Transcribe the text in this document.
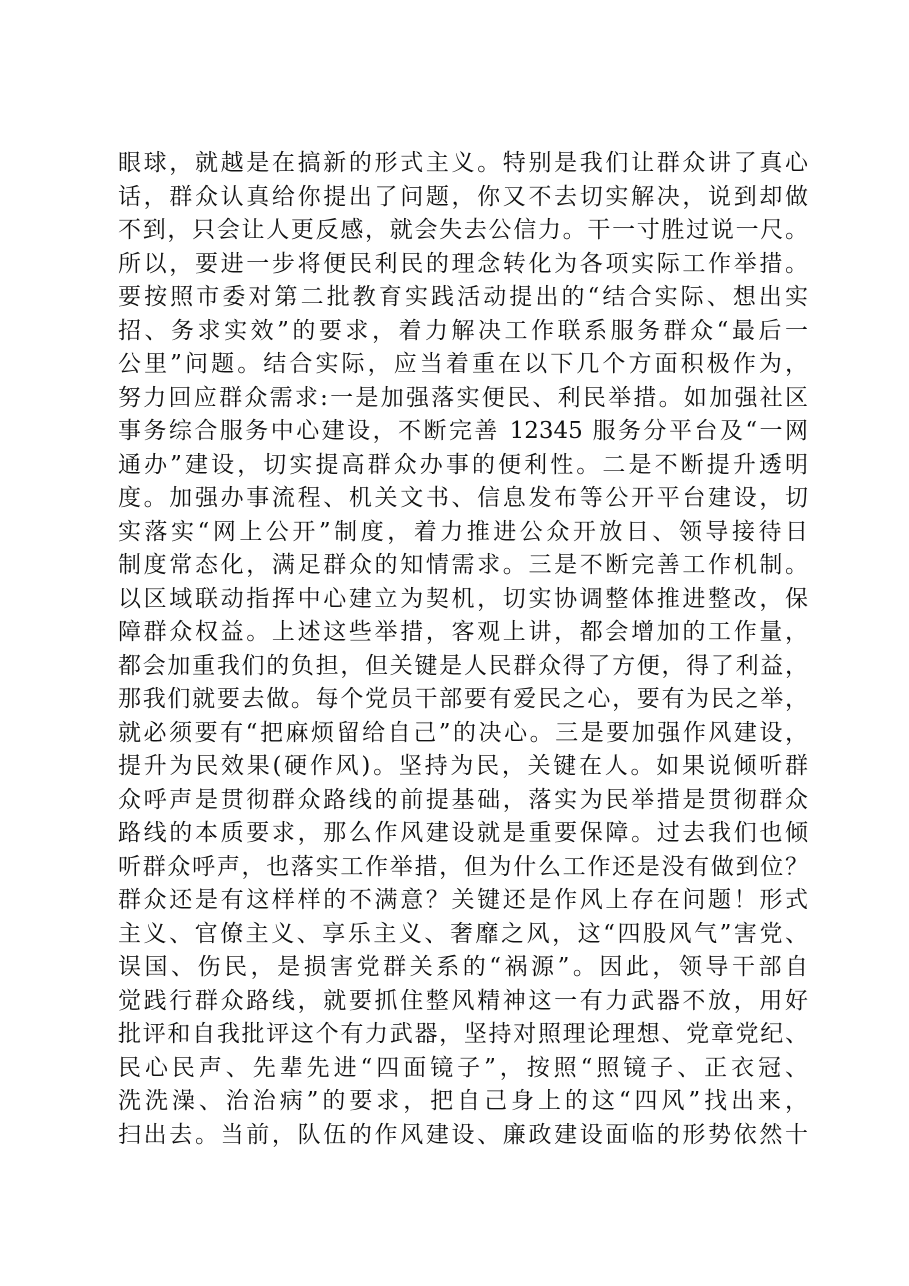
眼球，就越是在搞新的形式主义。特别是我们让群众讲了真心
话，群众认真给你提出了问题，你又不去切实解决，说到却做
不到，只会让人更反感，就会失去公信力。干一寸胜过说一尺。
所以，要进一步将便民利民的理念转化为各项实际工作举措。
要按照市委对第二批教育实践活动提出的“结合实际、想出实
招、务求实效”的要求，着力解决工作联系服务群众“最后一
公里”问题。结合实际，应当着重在以下几个方面积极作为，
努力回应群众需求:一是加强落实便民、利民举措。如加强社区
事务综合服务中心建设，不断完善 12345 服务分平台及“一网
通办”建设，切实提高群众办事的便利性。二是不断提升透明
度。加强办事流程、机关文书、信息发布等公开平台建设，切
实落实“网上公开”制度，着力推进公众开放日、领导接待日
制度常态化，满足群众的知情需求。三是不断完善工作机制。
以区域联动指挥中心建立为契机，切实协调整体推进整改，保
障群众权益。上述这些举措，客观上讲，都会增加的工作量，
都会加重我们的负担，但关键是人民群众得了方便，得了利益，
那我们就要去做。每个党员干部要有爱民之心，要有为民之举，
就必须要有“把麻烦留给自己”的决心。三是要加强作风建设，
提升为民效果(硬作风)。坚持为民，关键在人。如果说倾听群
众呼声是贯彻群众路线的前提基础，落实为民举措是贯彻群众
路线的本质要求，那么作风建设就是重要保障。过去我们也倾
听群众呼声，也落实工作举措，但为什么工作还是没有做到位？
群众还是有这样样的不满意？关键还是作风上存在问题！形式
主义、官僚主义、享乐主义、奢靡之风，这“四股风气”害党、
误国、伤民，是损害党群关系的“祸源”。因此，领导干部自
觉践行群众路线，就要抓住整风精神这一有力武器不放，用好
批评和自我批评这个有力武器，坚持对照理论理想、党章党纪、
民心民声、先辈先进“四面镜子”，按照“照镜子、正衣冠、
洗洗澡、治治病”的要求，把自己身上的这“四风”找出来，
扫出去。当前，队伍的作风建设、廉政建设面临的形势依然十
